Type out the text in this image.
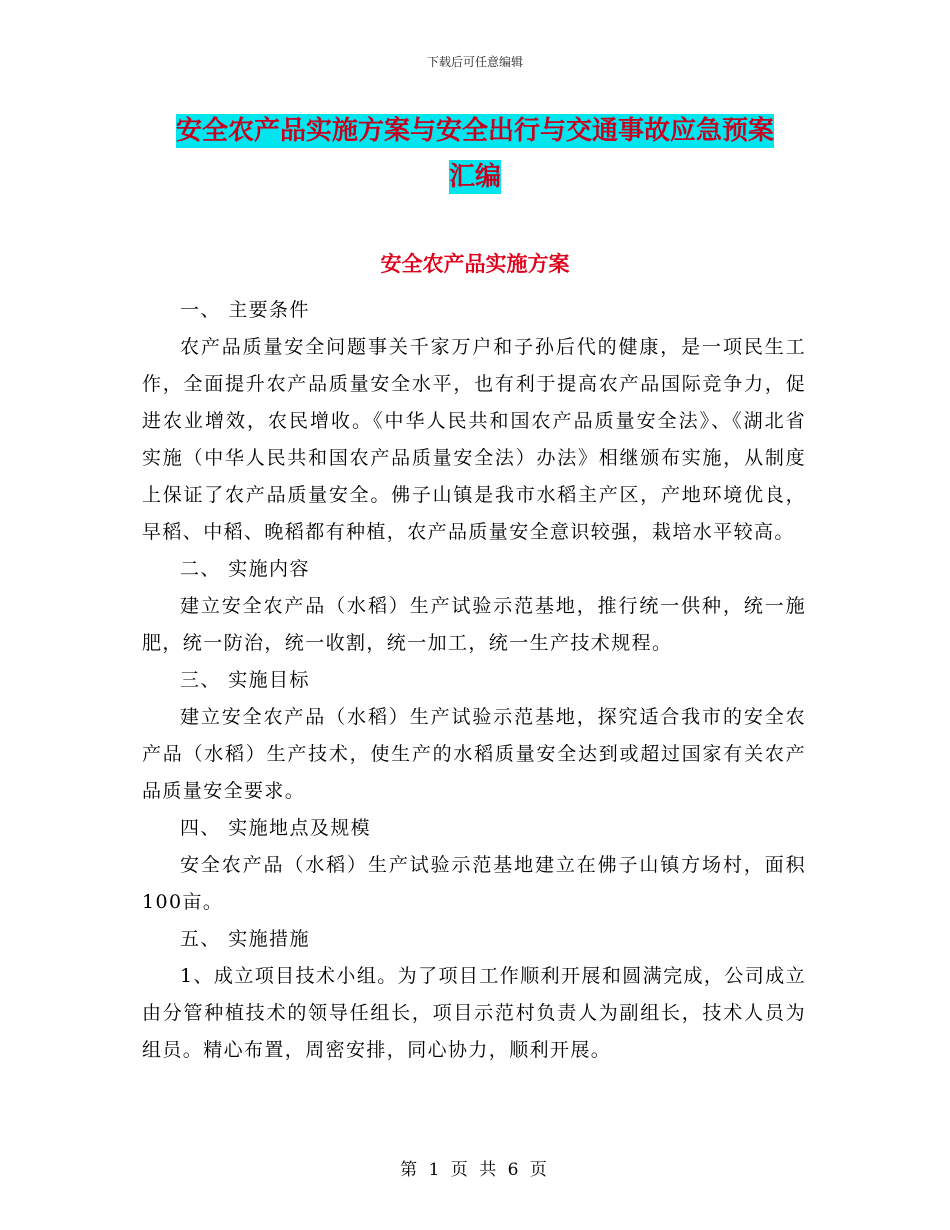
下载后可任意编辑
安全农产品实施方案与安全出行与交通事故应急预案
汇编
安全农产品实施方案

一、 主要条件

农产品质量安全问题事关千家万户和子孙后代的健康，是一项民生工作，全面提升农产品质量安全水平，也有利于提高农产品国际竞争力，促进农业增效，农民增收。《中华人民共和国农产品质量安全法》、《湖北省实施（中华人民共和国农产品质量安全法）办法》相继颁布实施，从制度上保证了农产品质量安全。佛子山镇是我市水稻主产区，产地环境优良，早稻、中稻、晚稻都有种植，农产品质量安全意识较强，栽培水平较高。

二、 实施内容

建立安全农产品（水稻）生产试验示范基地，推行统一供种，统一施肥，统一防治，统一收割，统一加工，统一生产技术规程。

三、 实施目标

建立安全农产品（水稻）生产试验示范基地，探究适合我市的安全农产品（水稻）生产技术，使生产的水稻质量安全达到或超过国家有关农产品质量安全要求。

四、 实施地点及规模

安全农产品（水稻）生产试验示范基地建立在佛子山镇方场村，面积100亩。

五、 实施措施

1、成立项目技术小组。为了项目工作顺利开展和圆满完成，公司成立由分管种植技术的领导任组长，项目示范村负责人为副组长，技术人员为组员。精心布置，周密安排，同心协力，顺利开展。

第 1 页 共 6 页
